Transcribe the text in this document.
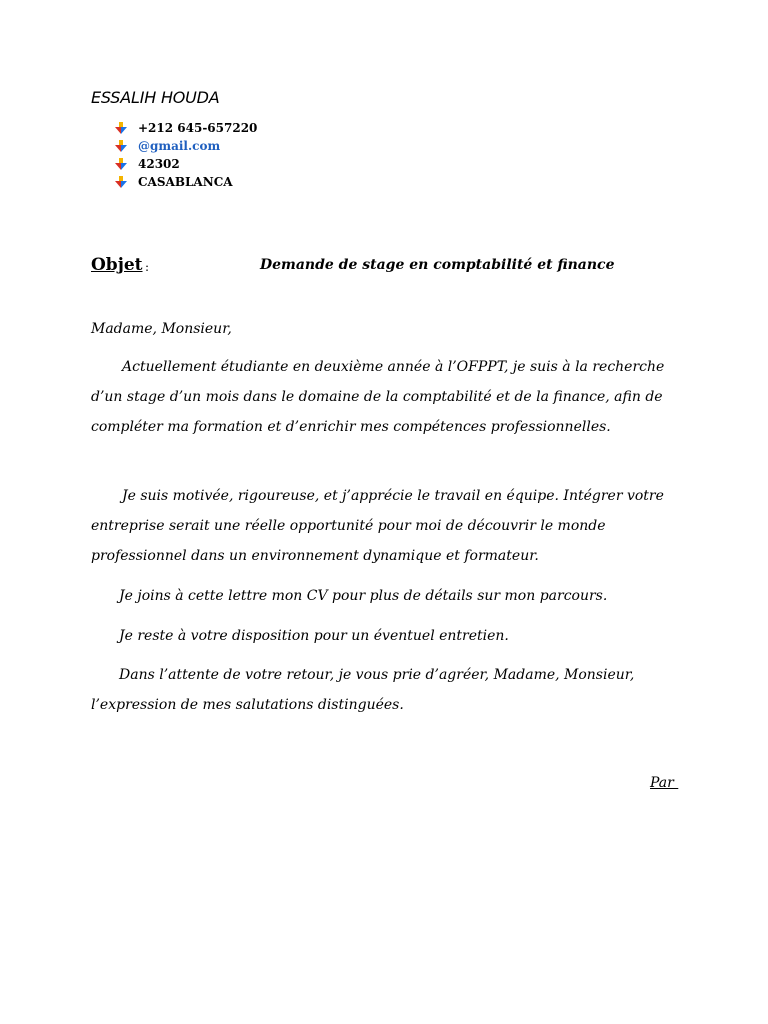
ESSALIH HOUDA
+212 645-657220
@gmail.com
42302
CASABLANCA
Objet :	Demande de stage en comptabilité et finance
Madame, Monsieur,
Actuellement étudiante en deuxième année à l’OFPPT, je suis à la recherche d’un stage d’un mois dans le domaine de la comptabilité et de la finance, afin de compléter ma formation et d’enrichir mes compétences professionnelles.
Je suis motivée, rigoureuse, et j’apprécie le travail en équipe. Intégrer votre entreprise serait une réelle opportunité pour moi de découvrir le monde professionnel dans un environnement dynamique et formateur.
Je joins à cette lettre mon CV pour plus de détails sur mon parcours.
Je reste à votre disposition pour un éventuel entretien.
Dans l’attente de votre retour, je vous prie d’agréer, Madame, Monsieur, l’expression de mes salutations distinguées.
Par
